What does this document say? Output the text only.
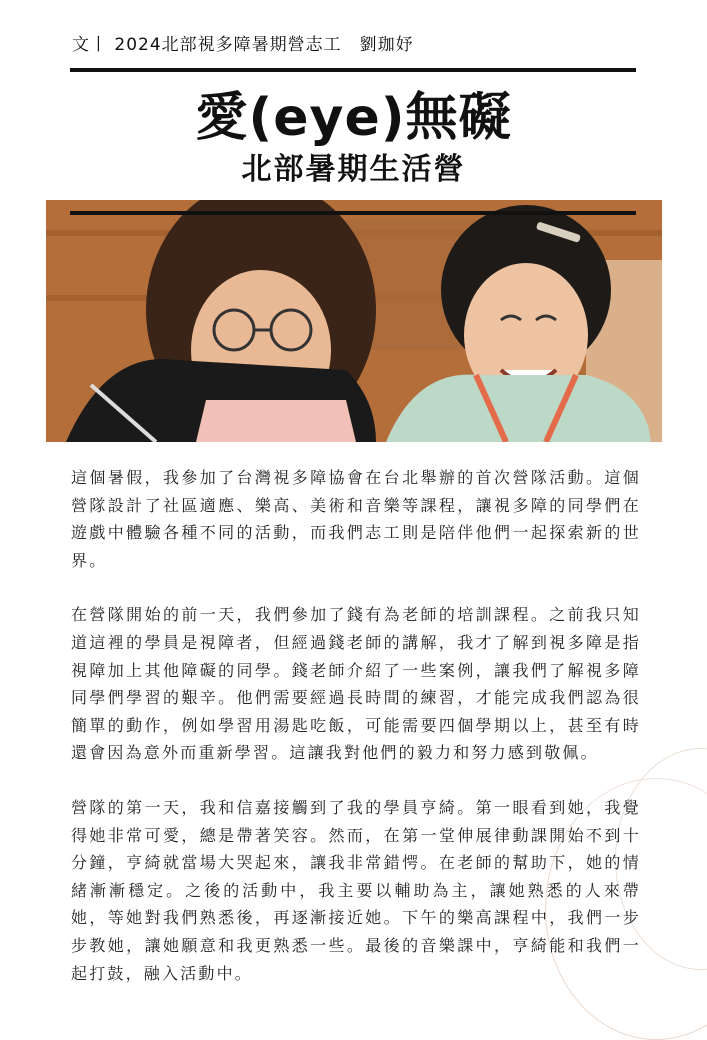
文丨 2024北部視多障暑期營志工　劉珈妤
愛(eye)無礙
北部暑期生活營

這個暑假，我參加了台灣視多障協會在台北舉辦的首次營隊活動。這個營隊設計了社區適應、樂高、美術和音樂等課程，讓視多障的同學們在遊戲中體驗各種不同的活動，而我們志工則是陪伴他們一起探索新的世界。

在營隊開始的前一天，我們參加了錢有為老師的培訓課程。之前我只知道這裡的學員是視障者，但經過錢老師的講解，我才了解到視多障是指視障加上其他障礙的同學。錢老師介紹了一些案例，讓我們了解視多障同學們學習的艱辛。他們需要經過長時間的練習，才能完成我們認為很簡單的動作，例如學習用湯匙吃飯，可能需要四個學期以上，甚至有時還會因為意外而重新學習。這讓我對他們的毅力和努力感到敬佩。

營隊的第一天，我和信嘉接觸到了我的學員亨綺。第一眼看到她，我覺得她非常可愛，總是帶著笑容。然而，在第一堂伸展律動課開始不到十分鐘，亨綺就當場大哭起來，讓我非常錯愕。在老師的幫助下，她的情緒漸漸穩定。之後的活動中，我主要以輔助為主，讓她熟悉的人來帶她，等她對我們熟悉後，再逐漸接近她。下午的樂高課程中，我們一步步教她，讓她願意和我更熟悉一些。最後的音樂課中，亨綺能和我們一起打鼓，融入活動中。
